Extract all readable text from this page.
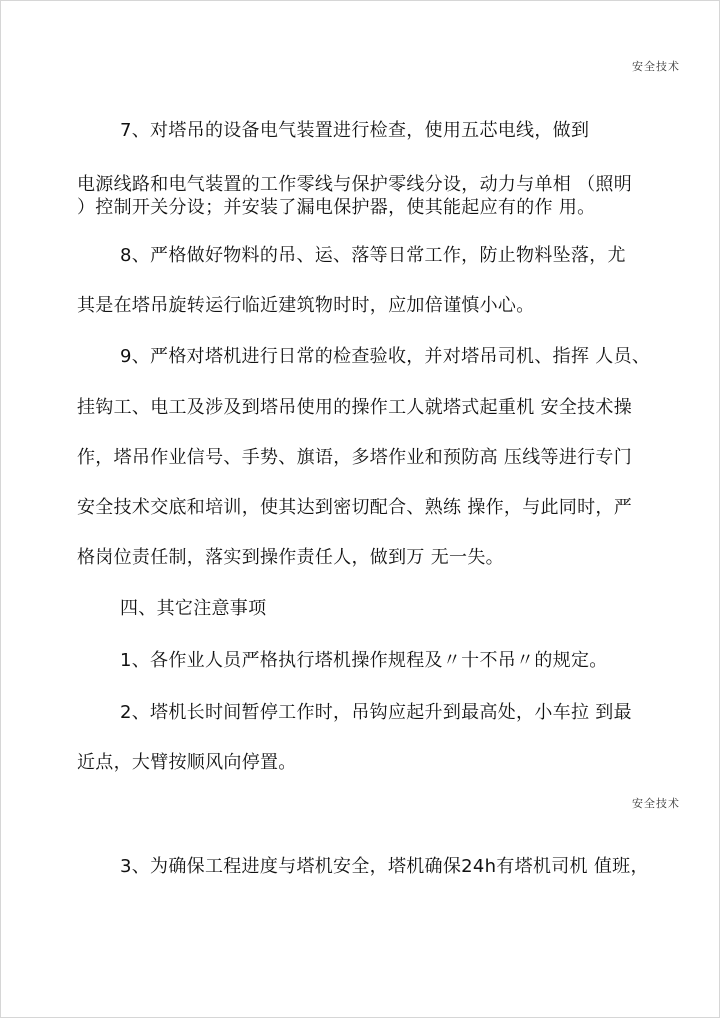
安全技术
7、对塔吊的设备电气装置进行检查，使用五芯电线，做到
电源线路和电气装置的工作零线与保护零线分设，动力与单相 （照明
）控制开关分设；并安装了漏电保护器，使其能起应有的作 用。
8、严格做好物料的吊、运、落等日常工作，防止物料坠落，尤
其是在塔吊旋转运行临近建筑物时时，应加倍谨慎小心。
9、严格对塔机进行日常的检查验收，并对塔吊司机、指挥 人员、
挂钩工、电工及涉及到塔吊使用的操作工人就塔式起重机 安全技术操
作，塔吊作业信号、手势、旗语，多塔作业和预防高 压线等进行专门
安全技术交底和培训，使其达到密切配合、熟练 操作，与此同时，严
格岗位责任制，落实到操作责任人，做到万 无一失。
四、其它注意事项
1、各作业人员严格执行塔机操作规程及〃十不吊〃的规定。
2、塔机长时间暂停工作时，吊钩应起升到最高处，小车拉 到最
近点，大臂按顺风向停置。
安全技术
3、为确保工程进度与塔机安全，塔机确保24h有塔机司机 值班，
